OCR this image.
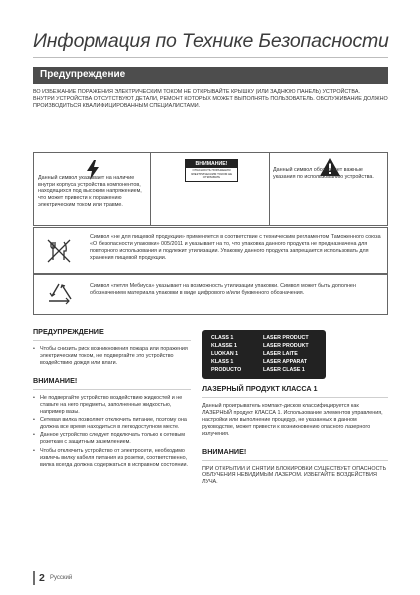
Информация по Технике Безопасности
Предупреждение

ВО ИЗБЕЖАНИЕ ПОРАЖЕНИЯ ЭЛЕКТРИЧЕСКИМ ТОКОМ НЕ ОТКРЫВАЙТЕ КРЫШКУ (ИЛИ ЗАДНЮЮ ПАНЕЛЬ) УСТРОЙСТВА.

ВНУТРИ УСТРОЙСТВА ОТСУТСТВУЮТ ДЕТАЛИ, РЕМОНТ КОТОРЫХ МОЖЕТ ВЫПОЛНЯТЬ ПОЛЬЗОВАТЕЛЬ. ОБСЛУЖИВАНИЕ ДОЛЖНО ПРОИЗВОДИТЬСЯ КВАЛИФИЦИРОВАННЫМ СПЕЦИАЛИСТАМИ.

Данный символ указывает на наличие внутри корпуса устройства компонентов, находящихся под высоким напряжением, что может привести к поражению электрическим током или травме.
ВНИМАНИЕ!
ОПАСНОСТЬ ПОРАЖЕНИЯ ЭЛЕКТРИЧЕСКИМ ТОКОМ НЕ ОТКРЫВАТЬ
Данный символ обозначает важные указания по использованию устройства.
Символ «не для пищевой продукции» применяется в соответствие с техническим регламентом Таможенного союза «О безопасности упаковки» 005/2011 и указывает на то, что упаковка данного продукта не предназначена для повторного использования и подлежит утилизации. Упаковку данного продукта запрещается использовать для хранения пищевой продукции.
Символ «петля Мебиуса» указывает на возможность утилизации упаковки. Символ может быть дополнен обозначением материала упаковки в виде цифрового и/или буквенного обозначения.
ПРЕДУПРЕЖДЕНИЕ
• Чтобы снизить риск возникновения пожара или поражения электрическим током, не подвергайте это устройство воздействию дождя или влаги.
ВНИМАНИЕ!
• Не подвергайте устройство воздействию жидкостей и не ставьте на него предметы, заполненные жидкостью, например вазы.
• Сетевая вилка позволяет отключить питание, поэтому она должна все время находиться в легкодоступном месте.
• Данное устройство следует подключать только к сетевым розеткам с защитным заземлением.
• Чтобы отключить устройство от электросети, необходимо извлечь вилку кабеля питания из розетки, соответственно, вилка всегда должна содержаться в исправном состоянии.
CLASS 1	LASER PRODUCT
KLASSE 1	LASER PRODUKT
LUOKAN 1	LASER LAITE
KLASS 1	LASER APPARAT
PRODUCTO	LASER CLASE 1
ЛАЗЕРНЫЙ ПРОДУКТ КЛАССА 1
Данный проигрыватель компакт-дисков классифицируется как ЛАЗЕРНЫЙ продукт КЛАССА 1. Использование элементов управления, настройки или выполнение процедур, не указанных в данном руководстве, может привести к возникновению опасного лазерного излучения.
ВНИМАНИЕ!
ПРИ ОТКРЫТИИ И СНЯТИИ БЛОКИРОВКИ СУЩЕСТВУЕТ ОПАСНОСТЬ ОБЛУЧЕНИЯ НЕВИДИМЫМ ЛАЗЕРОМ. ИЗБЕГАЙТЕ ВОЗДЕЙСТВИЯ ЛУЧА.
2 Русский
